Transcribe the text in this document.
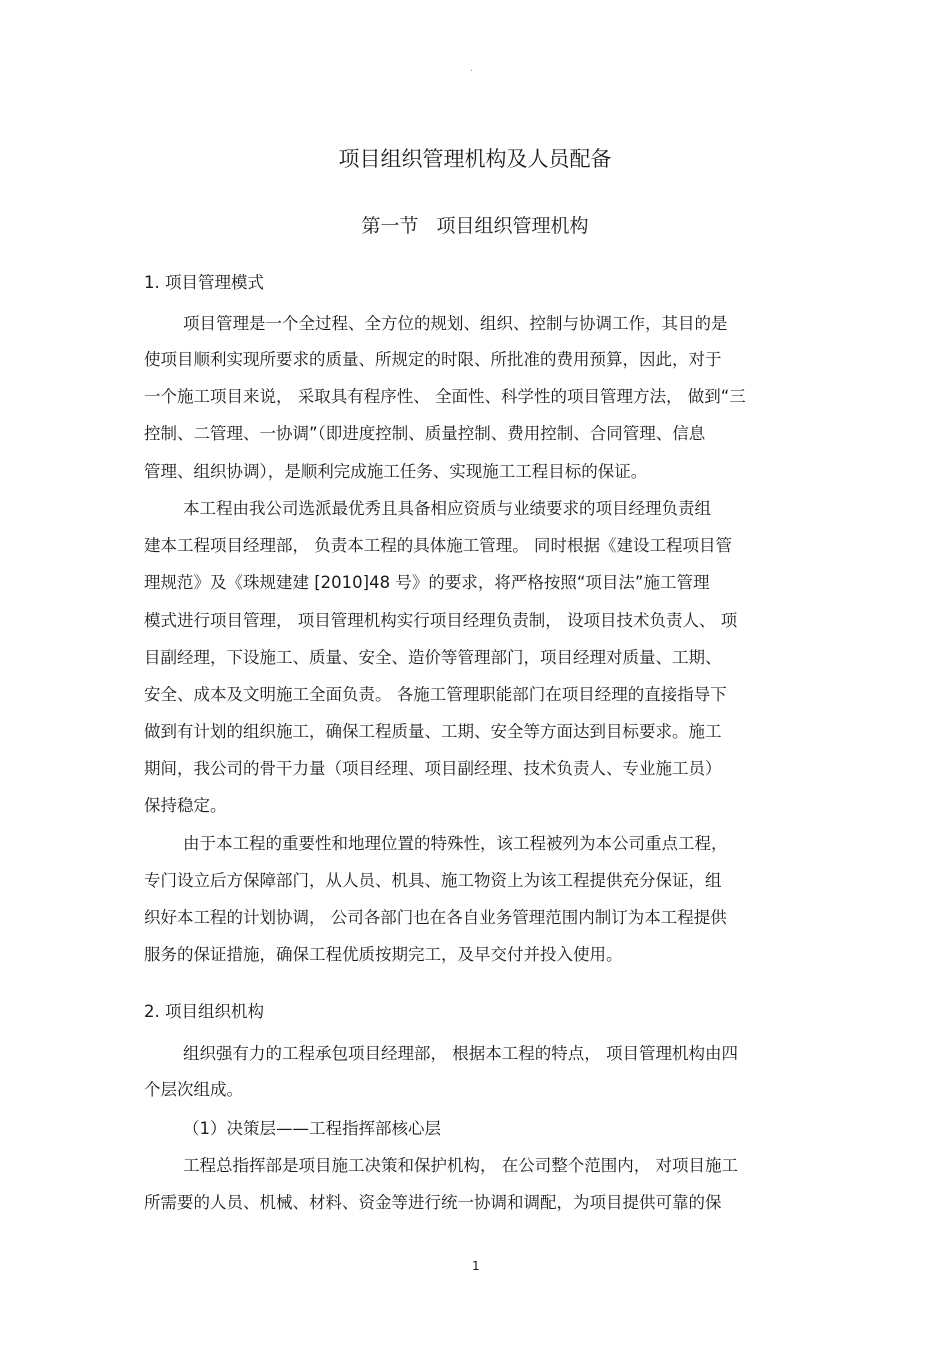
·
项目组织管理机构及人员配备
第一节 项目组织管理机构
1. 项目管理模式
项目管理是一个全过程、全方位的规划、组织、控制与协调工作，其目的是
使项目顺利实现所要求的质量、所规定的时限、所批准的费用预算，因此，对于
一个施工项目来说， 采取具有程序性、 全面性、科学性的项目管理方法， 做到“三
控制、二管理、一协调”（即进度控制、质量控制、费用控制、合同管理、信息
管理、组织协调），是顺利完成施工任务、实现施工工程目标的保证。
本工程由我公司选派最优秀且具备相应资质与业绩要求的项目经理负责组
建本工程项目经理部， 负责本工程的具体施工管理。 同时根据《建设工程项目管
理规范》及《珠规建建 [2010]48 号》的要求，将严格按照“项目法”施工管理
模式进行项目管理， 项目管理机构实行项目经理负责制， 设项目技术负责人、 项
目副经理，下设施工、质量、安全、造价等管理部门，项目经理对质量、工期、
安全、成本及文明施工全面负责。 各施工管理职能部门在项目经理的直接指导下
做到有计划的组织施工，确保工程质量、工期、安全等方面达到目标要求。施工
期间，我公司的骨干力量（项目经理、项目副经理、技术负责人、专业施工员）
保持稳定。
由于本工程的重要性和地理位置的特殊性，该工程被列为本公司重点工程，
专门设立后方保障部门，从人员、机具、施工物资上为该工程提供充分保证，组
织好本工程的计划协调， 公司各部门也在各自业务管理范围内制订为本工程提供
服务的保证措施，确保工程优质按期完工，及早交付并投入使用。
2. 项目组织机构
组织强有力的工程承包项目经理部， 根据本工程的特点， 项目管理机构由四
个层次组成。
（1）决策层——工程指挥部核心层
工程总指挥部是项目施工决策和保护机构， 在公司整个范围内， 对项目施工
所需要的人员、机械、材料、资金等进行统一协调和调配，为项目提供可靠的保
1
